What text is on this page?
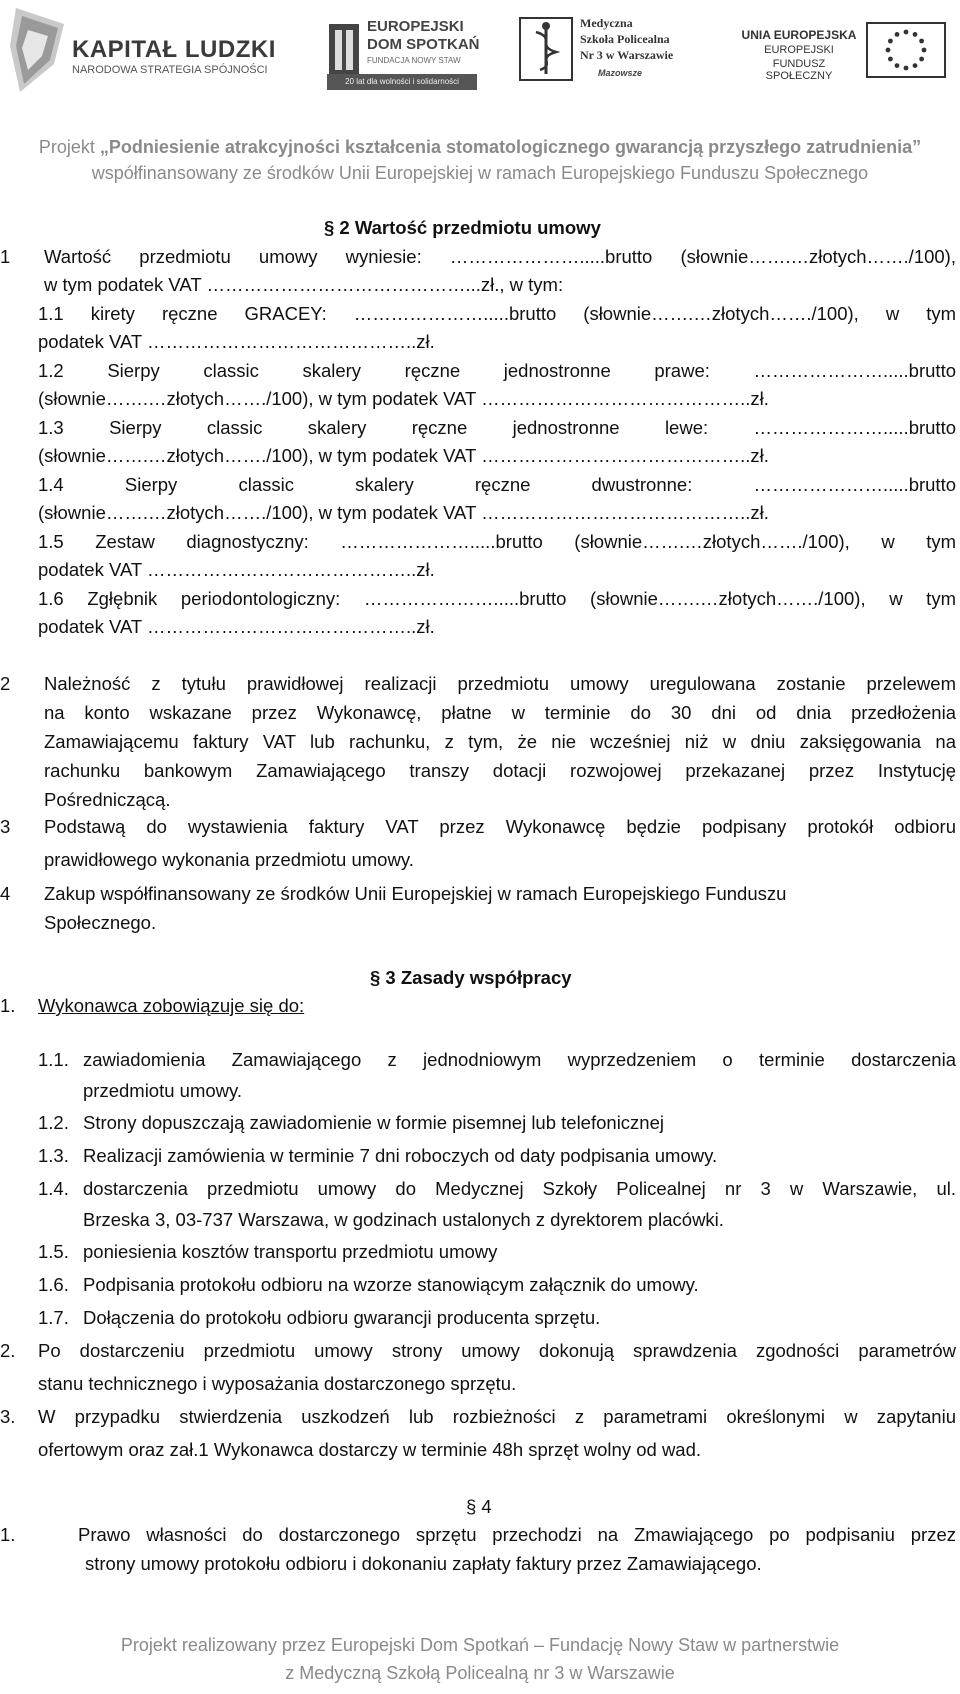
KAPITAŁ LUDZKI
NARODOWA STRATEGIA SPÓJNOŚCI
EUROPEJSKI
DOM SPOTKAŃ
FUNDACJA NOWY STAW
20 lat dla wolności i solidarności
Medyczna
Szkoła Policealna
Nr 3 w Warszawie
Mazowsze
UNIA EUROPEJSKA
EUROPEJSKI
FUNDUSZ SPOŁECZNY
Projekt „Podniesienie atrakcyjności kształcenia stomatologicznego gwarancją przyszłego zatrudnienia”
współfinansowany ze środków Unii Europejskiej w ramach Europejskiego Funduszu Społecznego
§ 2 Wartość przedmiotu umowy
1 Wartość przedmiotu umowy wyniesie: ………………….....brutto (słownie…….…złotych……./100),
w tym podatek VAT ……………………………………...zł., w tym:
1.1 kirety ręczne GRACEY: ………………….....brutto (słownie…….…złotych……./100), w tym
podatek VAT ……………………………………..zł.
1.2 Sierpy classic skalery ręczne jednostronne prawe: ………………….....brutto
(słownie…….…złotych……./100), w tym podatek VAT ……………………………………..zł.
1.3 Sierpy classic skalery ręczne jednostronne lewe: ………………….....brutto
(słownie…….…złotych……./100), w tym podatek VAT ……………………………………..zł.
1.4 Sierpy classic skalery ręczne dwustronne: ………………….....brutto
(słownie…….…złotych……./100), w tym podatek VAT ……………………………………..zł.
1.5 Zestaw diagnostyczny: ………………….....brutto (słownie…….…złotych……./100), w tym
podatek VAT ……………………………………..zł.
1.6 Zgłębnik periodontologiczny: ………………….....brutto (słownie…….…złotych……./100), w tym
podatek VAT ……………………………………..zł.
2 Należność z tytułu prawidłowej realizacji przedmiotu umowy uregulowana zostanie przelewem
na konto wskazane przez Wykonawcę, płatne w terminie do 30 dni od dnia przedłożenia
Zamawiającemu faktury VAT lub rachunku, z tym, że nie wcześniej niż w dniu zaksięgowania na
rachunku bankowym Zamawiającego transzy dotacji rozwojowej przekazanej przez Instytucję
Pośredniczącą.
3 Podstawą do wystawienia faktury VAT przez Wykonawcę będzie podpisany protokół odbioru
prawidłowego wykonania przedmiotu umowy.
4 Zakup współfinansowany ze środków Unii Europejskiej w ramach Europejskiego Funduszu
Społecznego.
§ 3 Zasady współpracy
1. Wykonawca zobowiązuje się do:
1.1. zawiadomienia Zamawiającego z jednodniowym wyprzedzeniem o terminie dostarczenia
przedmiotu umowy.
1.2. Strony dopuszczają zawiadomienie w formie pisemnej lub telefonicznej
1.3. Realizacji zamówienia w terminie 7 dni roboczych od daty podpisania umowy.
1.4. dostarczenia przedmiotu umowy do Medycznej Szkoły Policealnej nr 3 w Warszawie, ul.
Brzeska 3, 03-737 Warszawa, w godzinach ustalonych z dyrektorem placówki.
1.5. poniesienia kosztów transportu przedmiotu umowy
1.6. Podpisania protokołu odbioru na wzorze stanowiącym załącznik do umowy.
1.7. Dołączenia do protokołu odbioru gwarancji producenta sprzętu.
2. Po dostarczeniu przedmiotu umowy strony umowy dokonują sprawdzenia zgodności parametrów
stanu technicznego i wyposażania dostarczonego sprzętu.
3. W przypadku stwierdzenia uszkodzeń lub rozbieżności z parametrami określonymi w zapytaniu
ofertowym oraz zał.1 Wykonawca dostarczy w terminie 48h sprzęt wolny od wad.
§ 4
1.	Prawo własności do dostarczonego sprzętu przechodzi na Zmawiającego po podpisaniu przez
strony umowy protokołu odbioru i dokonaniu zapłaty faktury przez Zamawiającego.
Projekt realizowany przez Europejski Dom Spotkań – Fundację Nowy Staw w partnerstwie
z Medyczną Szkołą Policealną nr 3 w Warszawie
